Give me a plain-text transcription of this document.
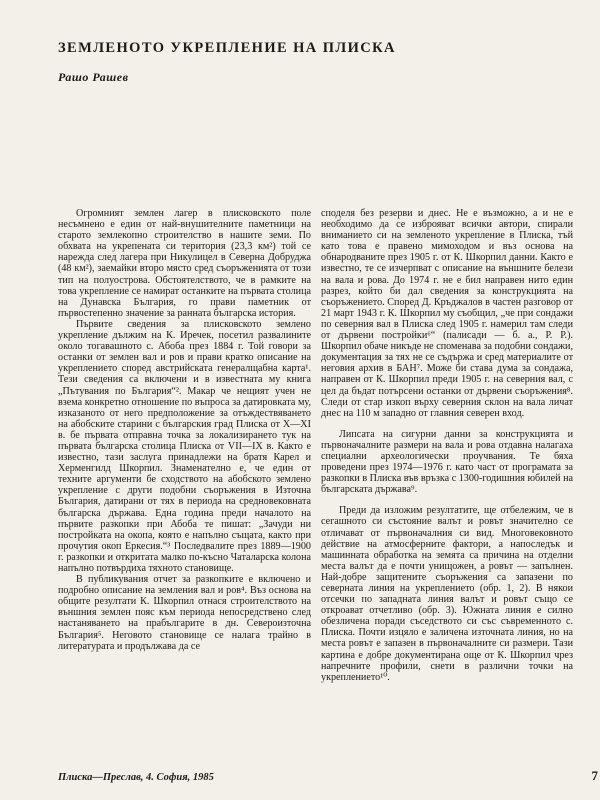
ЗЕМЛЕНОТО УКРЕПЛЕНИЕ НА ПЛИСКА
Рашо Рашев

Огромният землен лагер в плисковското поле несъмнено е един от най-внушителните паметници на старото землекопно строителство в нашите земи. По обхвата на укрепената си територия (23,3 км²) той се нарежда след лагера при Никулицел в Северна Добруджа (48 км²), заемайки второ място сред съоръженията от този тип на полуострова. Обстоятелството, че в рамките на това укрепление се намират останките на първата столица на Дунавска България, го прави паметник от първостепенно значение за ранната българска история.

Първите сведения за плисковското землено укрепление дължим на К. Иречек, посетил развалините около тогавашното с. Абоба през 1884 г. Той говори за останки от землен вал и ров и прави кратко описание на укреплението според австрийската генералщабна карта¹. Тези сведения са включени и в известната му книга „Пътувания по България“². Макар че нещият учен не взема конкретно отношение по въпроса за датировката му, изказаното от него предположение за отъждествяването на абобските старини с българския град Плиска от X—XI в. бе първата отправна точка за локализирането тук на първата българска столица Плиска от VII—IX в. Както е известно, тази заслуга принадлежи на братя Карел и Херменгилд Шкорпил. Знаменателно е, че един от техните аргументи бе сходството на абобското землено укрепление с други подобни съоръжения в Източна България, датирани от тях в периода на средновековната българска държава. Една година преди началото на първите разкопки при Абоба те пишат: „Зачуди ни постройката на окопа, която е напълно същата, както при прочутия окоп Еркесия.“³ Последвалите през 1889—1900 г. разкопки и откритата малко по-късно Чаталарска колона напълно потвърдиха тяхното становище.

В публикувания отчет за разкопките е включено и подробно описание на земления вал и ров⁴. Въз основа на общите резултати К. Шкорпил отнася строителството на външния землен пояс към периода непосредствено след настаняването на прабългарите в дн. Североизточна България⁵. Неговото становище се налага трайно в литературата и продължава да се

споделя без резерви и днес. Не е възможно, а и не е необходимо да се изброяват всички автори, спирали вниманието си на земленото укрепление в Плиска, тъй като това е правено мимоходом и въз основа на обнародваните през 1905 г. от К. Шкорпил данни. Както е известно, те се изчерпват с описание на външните белези на вала и рова. До 1974 г. не е бил направен нито един разрез, който би дал сведения за конструкцията на съоръжението. Според Д. Кръджалов в частен разговор от 21 март 1943 г. К. Шкорпил му съобщил, „че при сондажи по северния вал в Плиска след 1905 г. намерил там следи от дървени постройки⁶“ (палисади — б. а., Р. Р.). Шкорпил обаче никъде не споменава за подобни сондажи, документация за тях не се съдържа и сред материалите от неговия архив в БАН⁷. Може би става дума за сондажа, направен от К. Шкорпил преди 1905 г. на северния вал, с цел да бъдат потърсени останки от дървени съоръжения⁸. Следи от стар изкоп върху северния склон на вала личат днес на 110 м западно от главния северен вход.

Липсата на сигурни данни за конструкцията и първоначалните размери на вала и рова отдавна налагаха специални археологически проучвания. Те бяха проведени през 1974—1976 г. като част от програмата за разкопки в Плиска във връзка с 1300-годишния юбилей на българската държава⁹.

Преди да изложим резултатите, ще отбележим, че в сегашното си състояние валът и ровът значително се отличават от първоначалния си вид. Многовековното действие на атмосферните фактори, а напоследък и машинната обработка на земята са причина на отделни места валът да е почти унищожен, а ровът — запълнен. Най-добре защитените съоръжения са запазени по северната линия на укреплението (обр. 1, 2). В някои отсечки по западната линия валът и ровът също се откроават отчетливо (обр. 3). Южната линия е силно обезличена поради съседството си със съвременното с. Плиска. Почти изцяло е заличена източната линия, но на места ровът е запазен в първоначалните си размери. Тази картина е добре документирана още от К. Шкорпил чрез напречните профили, снети в различни точки на укреплението¹⁰.

Плиска—Преслав, 4. София, 1985	7
